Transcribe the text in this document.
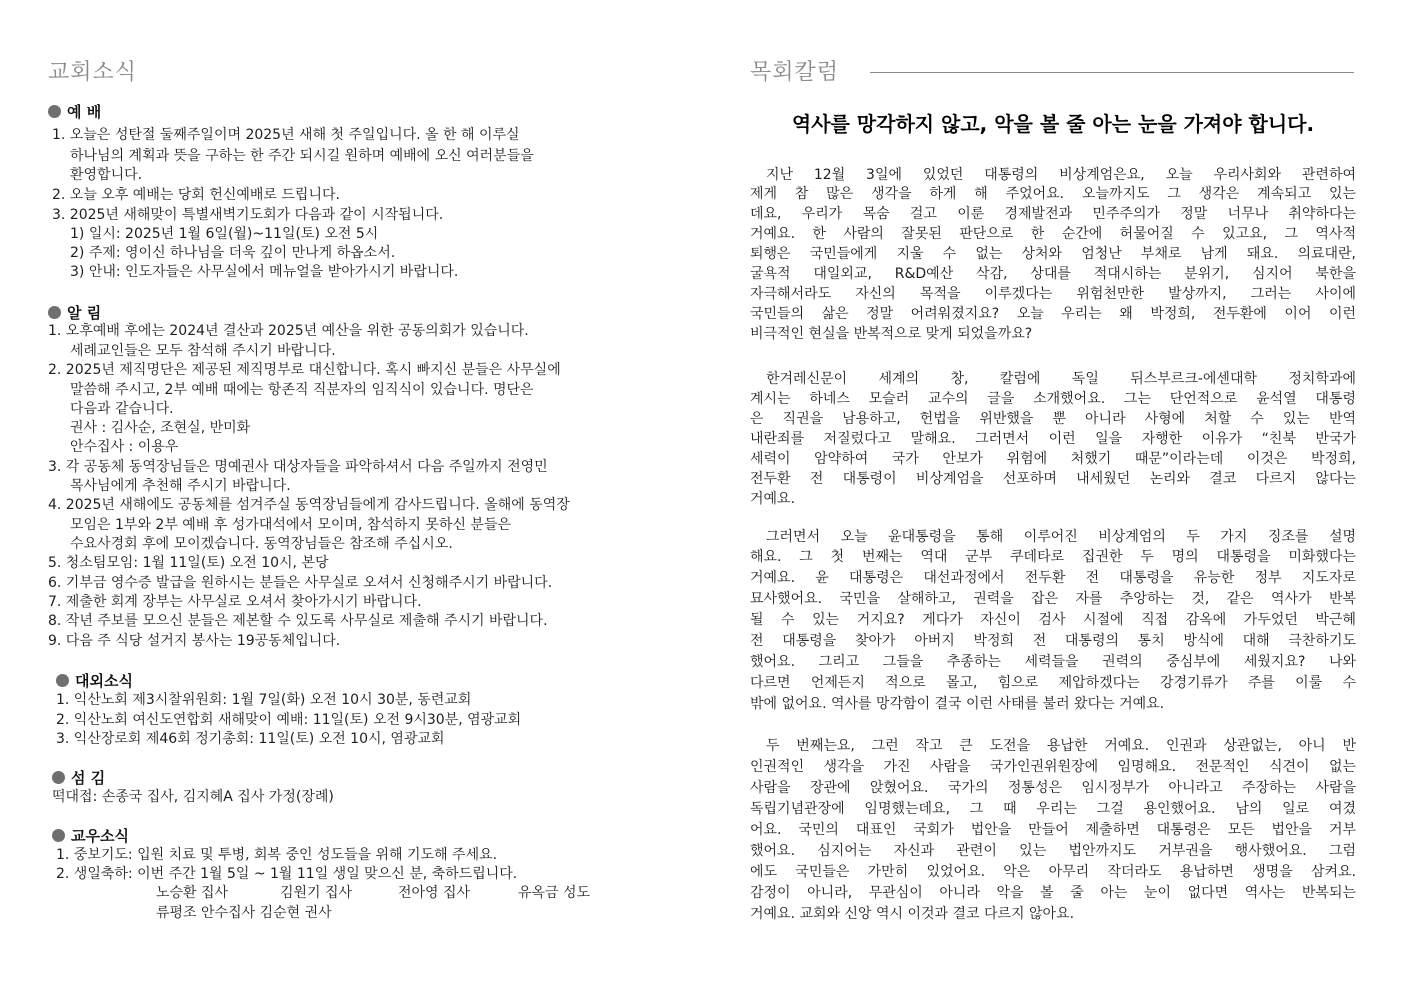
교회소식
예 배
1. 오늘은 성탄절 둘째주일이며 2025년 새해 첫 주일입니다. 올 한 해 이루실
하나님의 계획과 뜻을 구하는 한 주간 되시길 원하며 예배에 오신 여러분들을
환영합니다.
2. 오늘 오후 예배는 당회 헌신예배로 드립니다.
3. 2025년 새해맞이 특별새벽기도회가 다음과 같이 시작됩니다.
1) 일시: 2025년 1월 6일(월)~11일(토) 오전 5시
2) 주제: 영이신 하나님을 더욱 깊이 만나게 하옵소서.
3) 안내: 인도자들은 사무실에서 메뉴얼을 받아가시기 바랍니다.
알 림
1. 오후예배 후에는 2024년 결산과 2025년 예산을 위한 공동의회가 있습니다.
세례교인들은 모두 참석해 주시기 바랍니다.
2. 2025년 제직명단은 제공된 제직명부로 대신합니다. 혹시 빠지신 분들은 사무실에
말씀해 주시고, 2부 예배 때에는 항존직 직분자의 임직식이 있습니다. 명단은
다음과 같습니다.
권사 : 김사순, 조현실, 반미화
안수집사 : 이용우
3. 각 공동체 동역장님들은 명예권사 대상자들을 파악하셔서 다음 주일까지 전영민
목사님에게 추천해 주시기 바랍니다.
4. 2025년 새해에도 공동체를 섬겨주실 동역장님들에게 감사드립니다. 올해에 동역장
모임은 1부와 2부 예배 후 성가대석에서 모이며, 참석하지 못하신 분들은
수요사경회 후에 모이겠습니다. 동역장님들은 참조해 주십시오.
5. 청소팀모임: 1월 11일(토) 오전 10시, 본당
6. 기부금 영수증 발급을 원하시는 분들은 사무실로 오셔서 신청해주시기 바랍니다.
7. 제출한 회계 장부는 사무실로 오셔서 찾아가시기 바랍니다.
8. 작년 주보를 모으신 분들은 제본할 수 있도록 사무실로 제출해 주시기 바랍니다.
9. 다음 주 식당 설거지 봉사는 19공동체입니다.
대외소식
1. 익산노회 제3시찰위원회: 1월 7일(화) 오전 10시 30분, 동련교회
2. 익산노회 여신도연합회 새해맞이 예배: 11일(토) 오전 9시30분, 염광교회
3. 익산장로회 제46회 정기총회: 11일(토) 오전 10시, 염광교회
섬 김
떡대접: 손종국 집사, 김지혜A 집사 가정(장례)
교우소식
1. 중보기도: 입원 치료 및 투병, 회복 중인 성도들을 위해 기도해 주세요.
2. 생일축하: 이번 주간 1월 5일 ~ 1월 11일 생일 맞으신 분, 축하드립니다.
노승환 집사	김원기 집사	전아영 집사	유옥금 성도
류평조 안수집사 김순현 권사
목회칼럼
역사를 망각하지 않고, 악을 볼 줄 아는 눈을 가져야 합니다.
지난 12월 3일에 있었던 대통령의 비상계엄은요, 오늘 우리사회와 관련하여
제게 참 많은 생각을 하게 해 주었어요. 오늘까지도 그 생각은 계속되고 있는
데요, 우리가 목숨 걸고 이룬 경제발전과 민주주의가 정말 너무나 취약하다는
거예요. 한 사람의 잘못된 판단으로 한 순간에 허물어질 수 있고요, 그 역사적
퇴행은 국민들에게 지울 수 없는 상처와 엄청난 부채로 남게 돼요. 의료대란,
굴욕적 대일외교, R&D예산 삭감, 상대를 적대시하는 분위기, 심지어 북한을
자극해서라도 자신의 목적을 이루겠다는 위험천만한 발상까지, 그러는 사이에
국민들의 삶은 정말 어려워졌지요? 오늘 우리는 왜 박정희, 전두환에 이어 이런
비극적인 현실을 반복적으로 맞게 되었을까요?
한겨레신문이 세계의 창, 칼럼에 독일 뒤스부르크-에센대학 정치학과에
계시는 하네스 모슬러 교수의 글을 소개했어요. 그는 단언적으로 윤석열 대통령
은 직권을 남용하고, 헌법을 위반했을 뿐 아니라 사형에 처할 수 있는 반역
내란죄를 저질렀다고 말해요. 그러면서 이런 일을 자행한 이유가 “친북 반국가
세력이 암약하여 국가 안보가 위험에 처했기 때문”이라는데 이것은 박정희,
전두환 전 대통령이 비상계엄을 선포하며 내세웠던 논리와 결코 다르지 않다는
거예요.
그러면서 오늘 윤대통령을 통해 이루어진 비상계엄의 두 가지 징조를 설명
해요. 그 첫 번째는 역대 군부 쿠데타로 집권한 두 명의 대통령을 미화했다는
거예요. 윤 대통령은 대선과정에서 전두환 전 대통령을 유능한 정부 지도자로
묘사했어요. 국민을 살해하고, 권력을 잡은 자를 추앙하는 것, 같은 역사가 반복
될 수 있는 거지요? 게다가 자신이 검사 시절에 직접 감옥에 가두었던 박근혜
전 대통령을 찾아가 아버지 박정희 전 대통령의 통치 방식에 대해 극찬하기도
했어요. 그리고 그들을 추종하는 세력들을 권력의 중심부에 세웠지요? 나와
다르면 언제든지 적으로 몰고, 힘으로 제압하겠다는 강경기류가 주를 이룰 수
밖에 없어요. 역사를 망각함이 결국 이런 사태를 불러 왔다는 거예요.
두 번째는요, 그런 작고 큰 도전을 용납한 거예요. 인권과 상관없는, 아니 반
인권적인 생각을 가진 사람을 국가인권위원장에 임명해요. 전문적인 식견이 없는
사람을 장관에 앉혔어요. 국가의 정통성은 임시정부가 아니라고 주장하는 사람을
독립기념관장에 임명했는데요, 그 때 우리는 그걸 용인했어요. 남의 일로 여겼
어요. 국민의 대표인 국회가 법안을 만들어 제출하면 대통령은 모든 법안을 거부
했어요. 심지어는 자신과 관련이 있는 법안까지도 거부권을 행사했어요. 그럼
에도 국민들은 가만히 있었어요. 악은 아무리 작더라도 용납하면 생명을 삼켜요.
감정이 아니라, 무관심이 아니라 악을 볼 줄 아는 눈이 없다면 역사는 반복되는
거예요. 교회와 신앙 역시 이것과 결코 다르지 않아요.
